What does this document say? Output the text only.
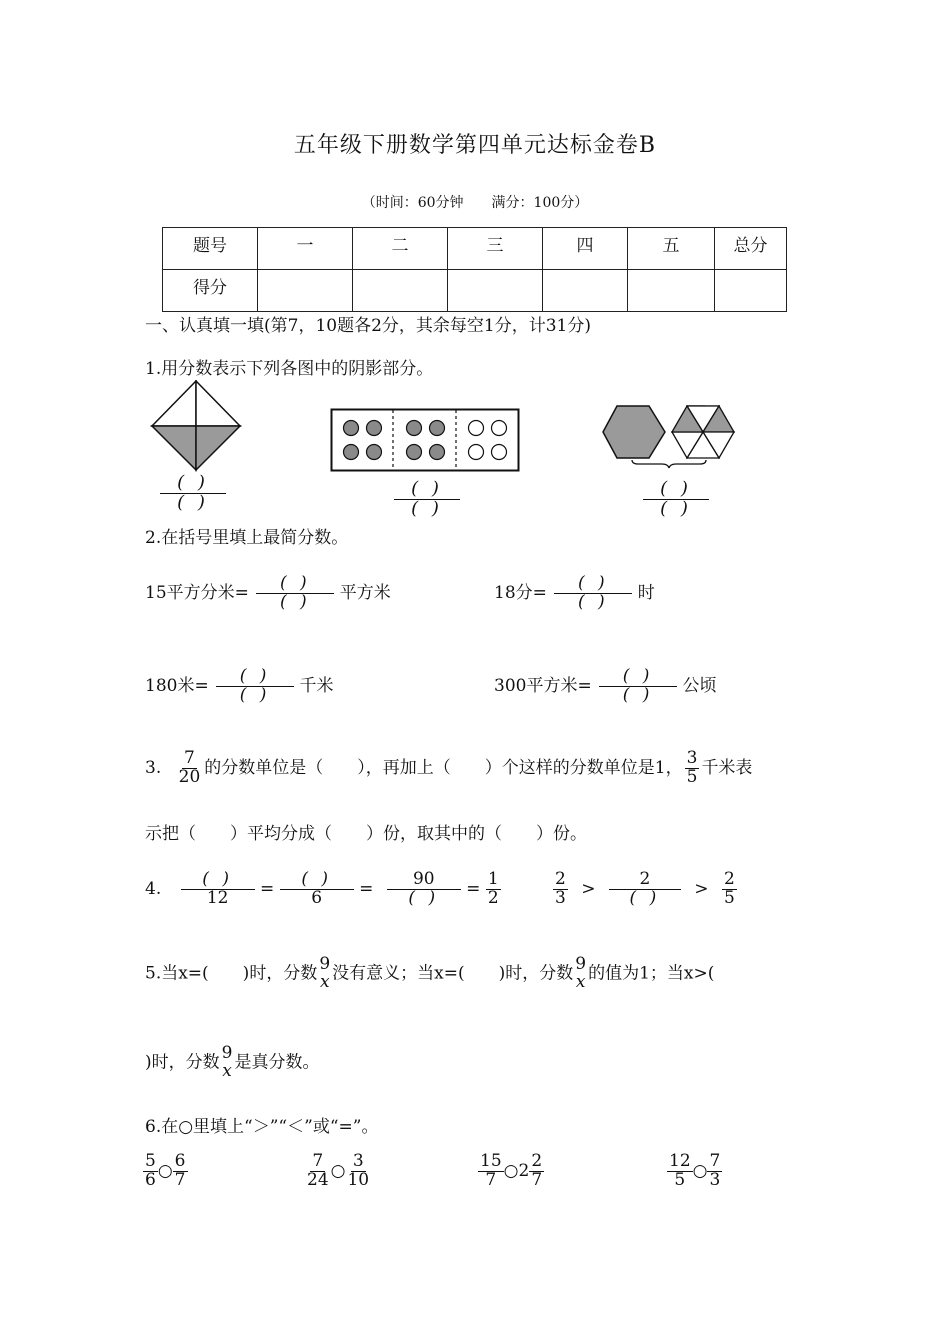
五年级下册数学第四单元达标金卷B
（时间：60分钟 满分：100分）
题号	一	二	三	四	五	总分
得分						
一、认真填一填(第7，10题各2分，其余每空1分，计31分)
1.用分数表示下列各图中的阴影部分。
$\frac{( )}{( )}$	$\frac{( )}{( )}$	$\frac{( )}{( )}$
2.在括号里填上最简分数。
15平方分米= $\frac{( )}{( )}$ 平方米	18分= $\frac{( )}{( )}$ 时
180米= $\frac{( )}{( )}$ 千米	300平方米= $\frac{( )}{( )}$ 公顷
3. $\frac{7}{20}$ 的分数单位是（　　），再加上（　　）个这样的分数单位是1， $\frac{3}{5}$ 千米表
示把（　　）平均分成（　　）份，取其中的（　　）份。
4. $\frac{( )}{12} = \frac{( )}{6} = \frac{90}{( )} = \frac{1}{2}$	$\frac{2}{3} > \frac{2}{( )} > \frac{2}{5}$
5.当x=(　　)时，分数 9
x 没有意义；当x=(　　)时，分数 9
x 的值为1；当x>(
)时，分数 9
x 是真分数。
6.在○里填上“＞”“＜”或“=”。
$\frac{5}{6}$ ○ $\frac{6}{7}$	$\frac{7}{24}$ ○ $\frac{3}{10}$	$\frac{15}{7}$ ○2 $\frac{2}{7}$	$\frac{12}{5}$ ○ $\frac{7}{3}$
